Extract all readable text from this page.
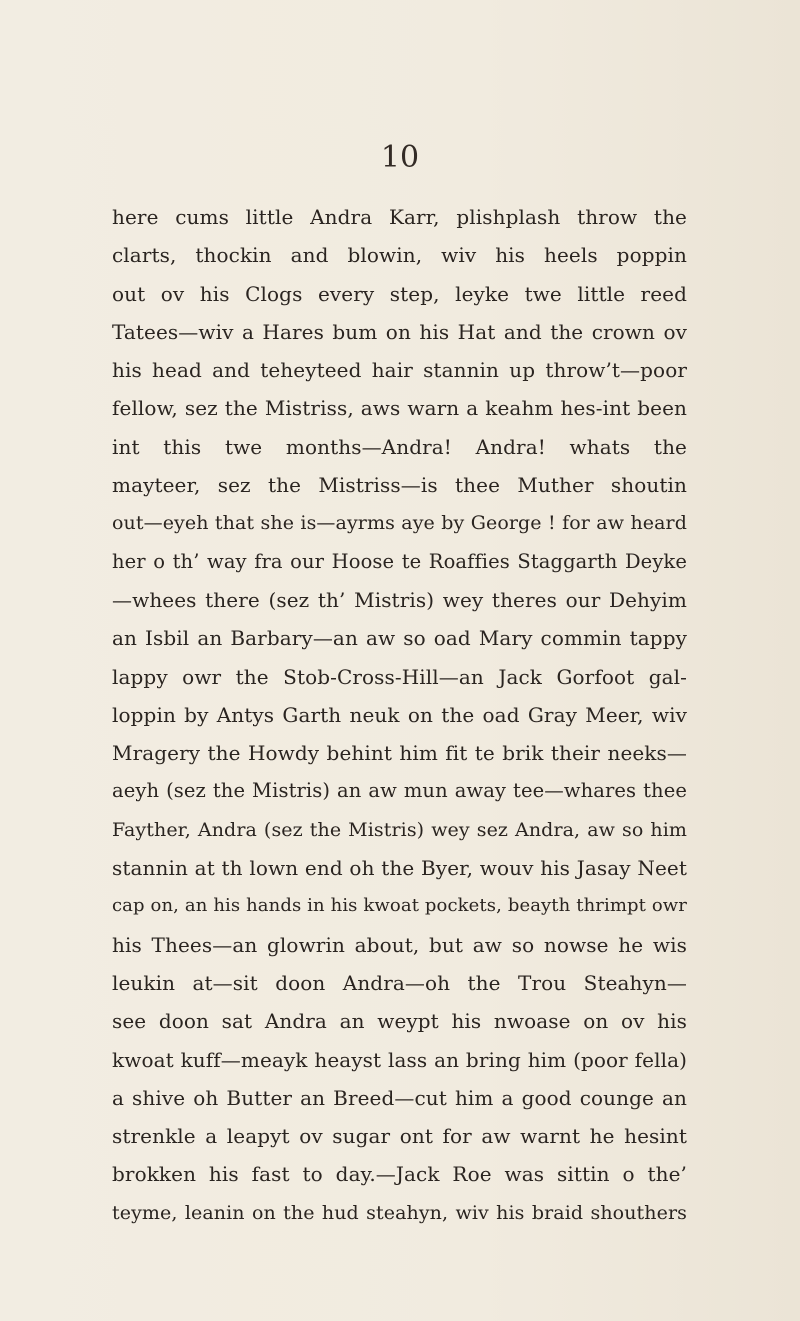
10
here cums little Andra Karr, plishplash throw the
clarts, thockin and blowin, wiv his heels poppin
out ov his Clogs every step, leyke twe little reed
Tatees—wiv a Hares bum on his Hat and the crown ov
his head and teheyteed hair stannin up throw’t—poor
fellow, sez the Mistriss, aws warn a keahm hes-int been
int this twe months—Andra! Andra! whats the
mayteer, sez the Mistriss—is thee Muther shoutin
out—eyeh that she is—ayrms aye by George ! for aw heard
her o th’ way fra our Hoose te Roaffies Staggarth Deyke
—whees there (sez th’ Mistris) wey theres our Dehyim
an Isbil an Barbary—an aw so oad Mary commin tappy
lappy owr the Stob-Cross-Hill—an Jack Gorfoot gal-
loppin by Antys Garth neuk on the oad Gray Meer, wiv
Mragery the Howdy behint him fit te brik their neeks—
aeyh (sez the Mistris) an aw mun away tee—whares thee
Fayther, Andra (sez the Mistris) wey sez Andra, aw so him
stannin at th lown end oh the Byer, wouv his Jasay Neet
cap on, an his hands in his kwoat pockets, beayth thrimpt owr
his Thees—an glowrin about, but aw so nowse he wis
leukin at—sit doon Andra—oh the Trou Steahyn—
see doon sat Andra an weypt his nwoase on ov his
kwoat kuff—meayk heayst lass an bring him (poor fella)
a shive oh Butter an Breed—cut him a good counge an
strenkle a leapyt ov sugar ont for aw warnt he hesint
brokken his fast to day.—Jack Roe was sittin o the’
teyme, leanin on the hud steahyn, wiv his braid shouthers
